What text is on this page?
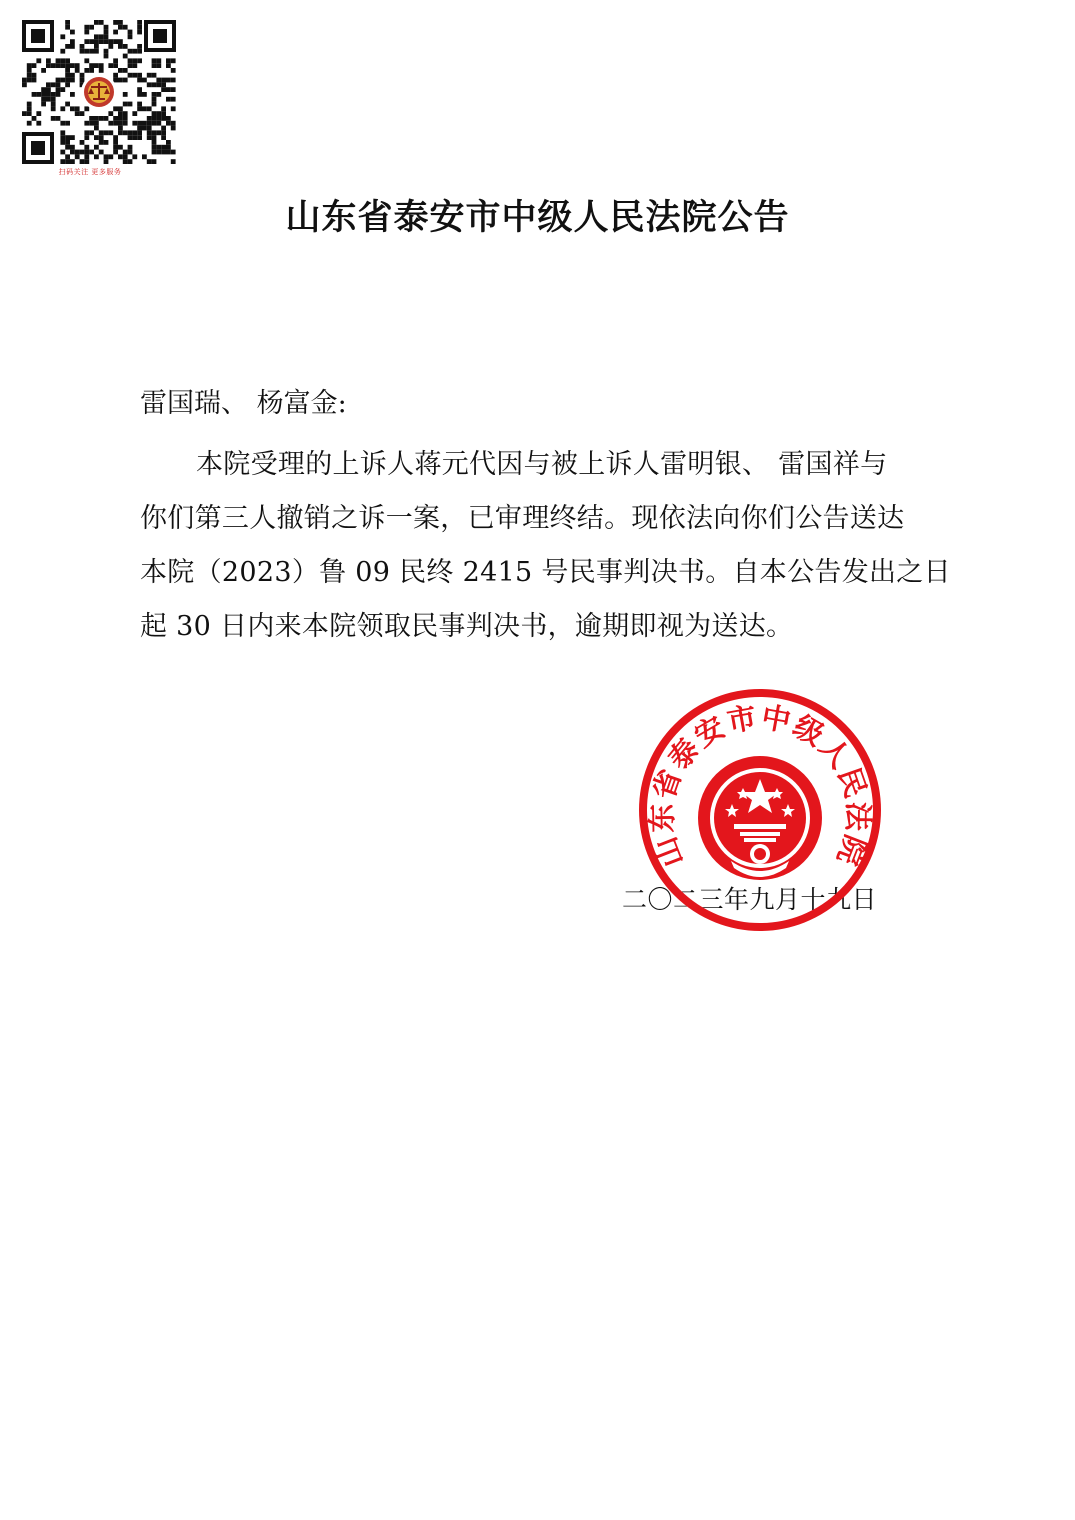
扫码关注 更多服务
山东省泰安市中级人民法院公告
雷国瑞、 杨富金:
本院受理的上诉人蒋元代因与被上诉人雷明银、 雷国祥与
你们第三人撤销之诉一案，已审理终结。现依法向你们公告送达
本院（2023）鲁 09 民终 2415 号民事判决书。自本公告发出之日
起 30 日内来本院领取民事判决书，逾期即视为送达。
二〇二三年九月十九日
山东省泰安市中级人民法院
